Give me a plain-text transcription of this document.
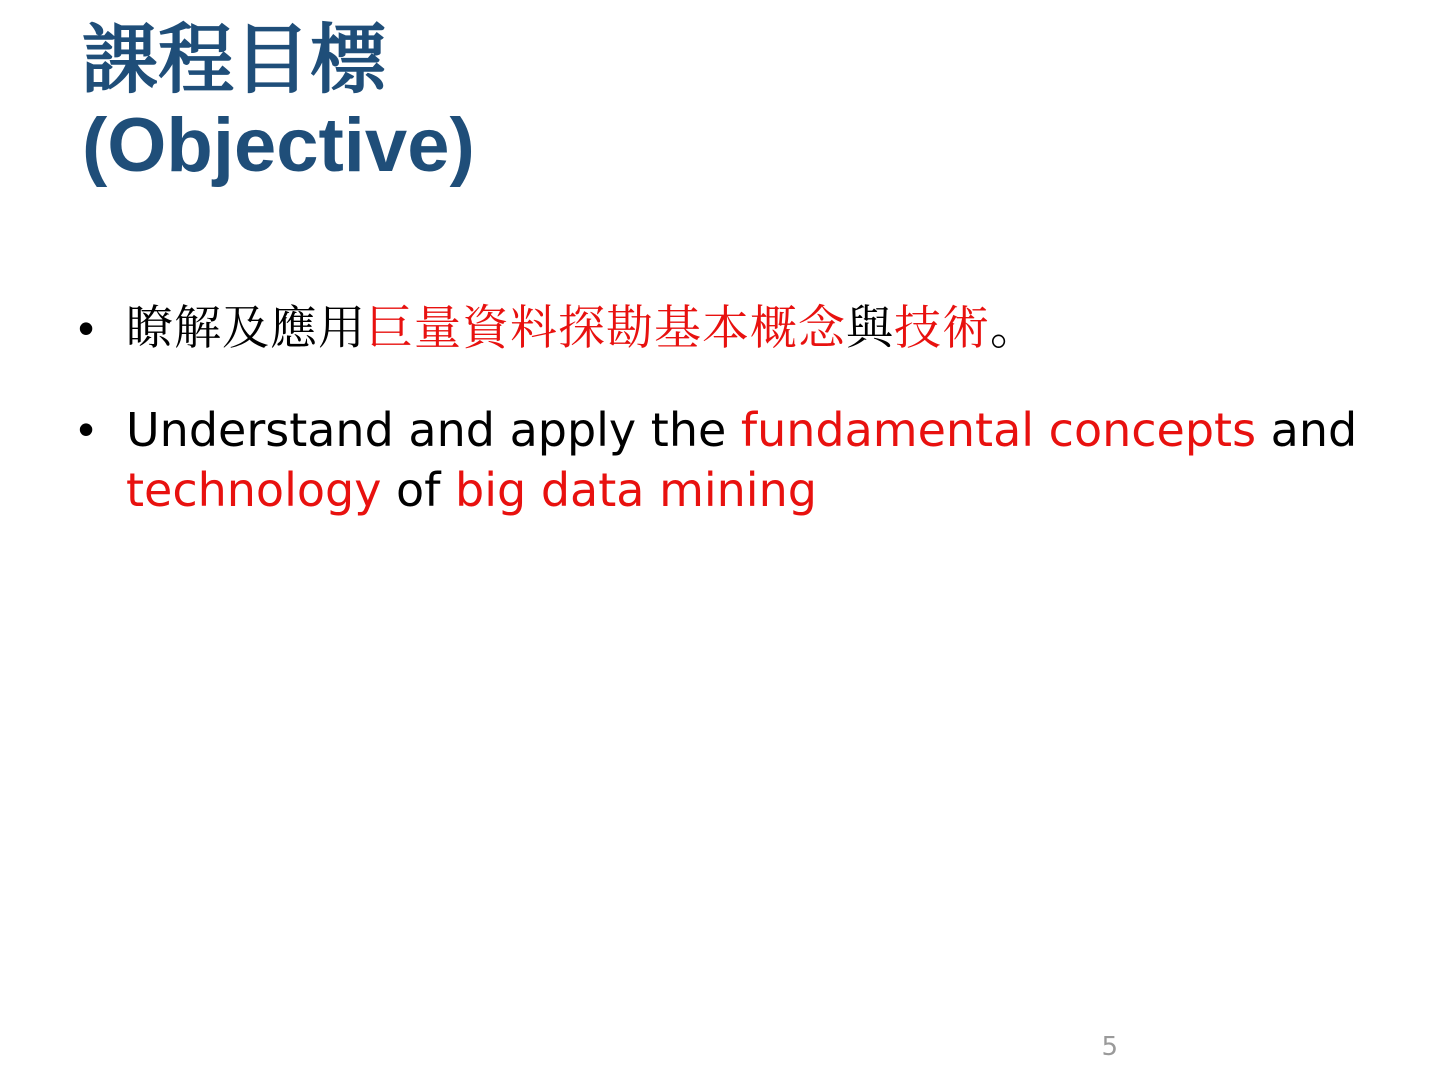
課程目標
(Objective)
• 瞭解及應用巨量資料探勘基本概念與技術。
• Understand and apply the fundamental concepts and technology of big data mining
5
